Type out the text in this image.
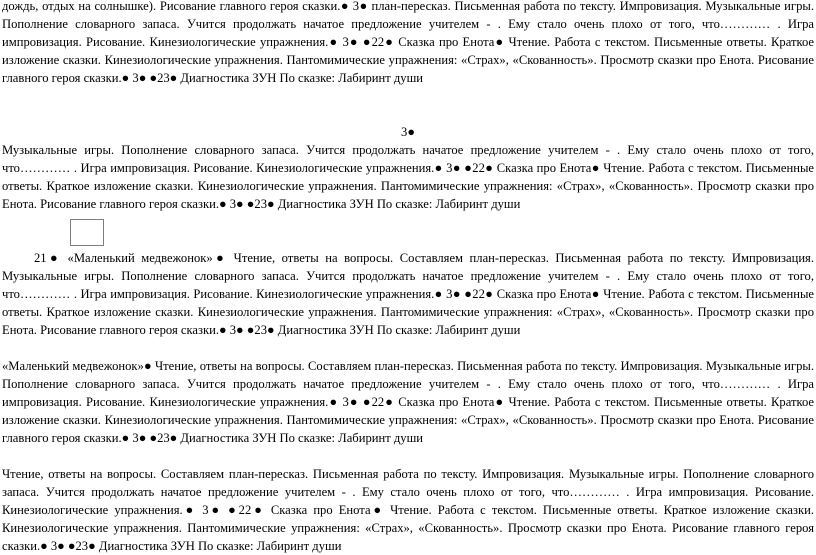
дождь, отдых на солнышке). Рисование главного героя сказки.● 3● план-пересказ. Письменная работа по тексту. Импровизация. Музыкальные игры. Пополнение словарного запаса. Учится продолжать начатое предложение учителем - . Ему стало очень плохо от того, что………… . Игра импровизация. Рисование. Кинезиологические упражнения.● 3● ●22● Сказка про Енота● Чтение. Работа с текстом. Письменные ответы. Краткое изложение сказки. Кинезиологические упражнения. Пантомимические упражнения: «Страх», «Скованность». Просмотр сказки про Енота. Рисование главного героя сказки.● 3● ●23● Диагностика ЗУН По сказке: Лабиринт души

3●

Музыкальные игры. Пополнение словарного запаса. Учится продолжать начатое предложение учителем - . Ему стало очень плохо от того, что………… . Игра импровизация. Рисование. Кинезиологические упражнения.● 3● ●22● Сказка про Енота● Чтение. Работа с текстом. Письменные ответы. Краткое изложение сказки. Кинезиологические упражнения. Пантомимические упражнения: «Страх», «Скованность». Просмотр сказки про Енота. Рисование главного героя сказки.● 3● ●23● Диагностика ЗУН По сказке: Лабиринт души

21● «Маленький медвежонок»● Чтение, ответы на вопросы. Составляем план-пересказ. Письменная работа по тексту. Импровизация. Музыкальные игры. Пополнение словарного запаса. Учится продолжать начатое предложение учителем - . Ему стало очень плохо от того, что………… . Игра импровизация. Рисование. Кинезиологические упражнения.● 3● ●22● Сказка про Енота● Чтение. Работа с текстом. Письменные ответы. Краткое изложение сказки. Кинезиологические упражнения. Пантомимические упражнения: «Страх», «Скованность». Просмотр сказки про Енота. Рисование главного героя сказки.● 3● ●23● Диагностика ЗУН По сказке: Лабиринт души

«Маленький медвежонок»● Чтение, ответы на вопросы. Составляем план-пересказ. Письменная работа по тексту. Импровизация. Музыкальные игры. Пополнение словарного запаса. Учится продолжать начатое предложение учителем - . Ему стало очень плохо от того, что………… . Игра импровизация. Рисование. Кинезиологические упражнения.● 3● ●22● Сказка про Енота● Чтение. Работа с текстом. Письменные ответы. Краткое изложение сказки. Кинезиологические упражнения. Пантомимические упражнения: «Страх», «Скованность». Просмотр сказки про Енота. Рисование главного героя сказки.● 3● ●23● Диагностика ЗУН По сказке: Лабиринт души

Чтение, ответы на вопросы. Составляем план-пересказ. Письменная работа по тексту. Импровизация. Музыкальные игры. Пополнение словарного запаса. Учится продолжать начатое предложение учителем - . Ему стало очень плохо от того, что………… . Игра импровизация. Рисование. Кинезиологические упражнения.● 3● ●22● Сказка про Енота● Чтение. Работа с текстом. Письменные ответы. Краткое изложение сказки. Кинезиологические упражнения. Пантомимические упражнения: «Страх», «Скованность». Просмотр сказки про Енота. Рисование главного героя сказки.● 3● ●23● Диагностика ЗУН По сказке: Лабиринт души
